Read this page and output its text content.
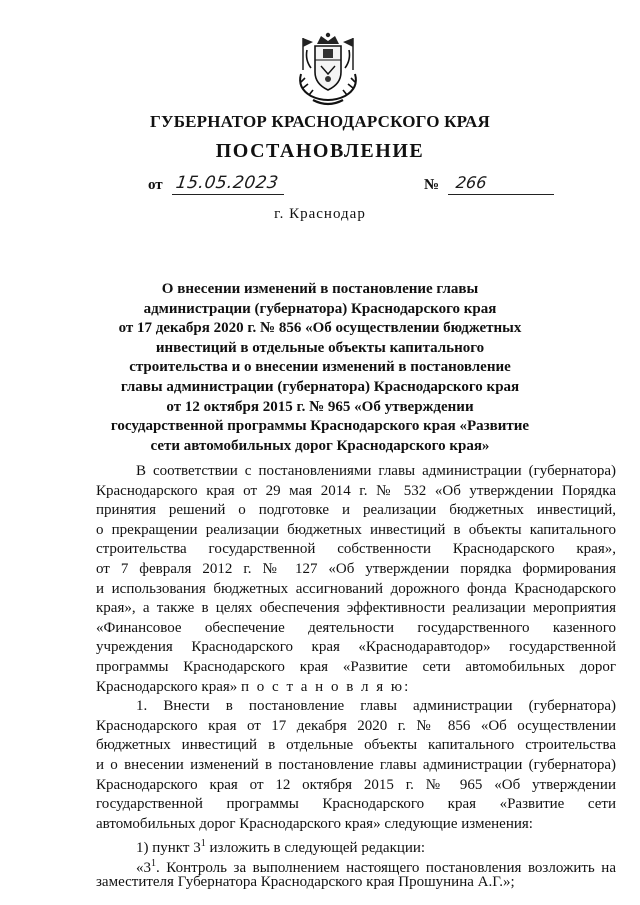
ГУБЕРНАТОР КРАСНОДАРСКОГО КРАЯ
ПОСТАНОВЛЕНИЕ
от 15.05.2023	№ 266
г. Краснодар
О внесении изменений в постановление главы
администрации (губернатора) Краснодарского края
от 17 декабря 2020 г. № 856 «Об осуществлении бюджетных
инвестиций в отдельные объекты капитального
строительства и о внесении изменений в постановление
главы администрации (губернатора) Краснодарского края
от 12 октября 2015 г. № 965 «Об утверждении
государственной программы Краснодарского края «Развитие
сети автомобильных дорог Краснодарского края»
В соответствии с постановлениями главы администрации (губернатора)
Краснодарского края от 29 мая 2014 г. № 532 «Об утверждении Порядка
принятия решений о подготовке и реализации бюджетных инвестиций,
о прекращении реализации бюджетных инвестиций в объекты капитального
строительства государственной собственности Краснодарского края»,
от 7 февраля 2012 г. № 127 «Об утверждении порядка формирования
и использования бюджетных ассигнований дорожного фонда Краснодарского
края», а также в целях обеспечения эффективности реализации мероприятия
«Финансовое обеспечение деятельности государственного казенного
учреждения Краснодарского края «Краснодаравтодор» государственной
программы Краснодарского края «Развитие сети автомобильных дорог
Краснодарского края» п о с т а н о в л я ю:
1. Внести в постановление главы администрации (губернатора)
Краснодарского края от 17 декабря 2020 г. № 856 «Об осуществлении
бюджетных инвестиций в отдельные объекты капитального строительства
и о внесении изменений в постановление главы администрации (губернатора)
Краснодарского края от 12 октября 2015 г. № 965 «Об утверждении
государственной программы Краснодарского края «Развитие сети
автомобильных дорог Краснодарского края» следующие изменения:
1) пункт $3^1$ изложить в следующей редакции:
«$3^1$. Контроль за выполнением настоящего постановления возложить на
заместителя Губернатора Краснодарского края Прошунина А.Г.»;
